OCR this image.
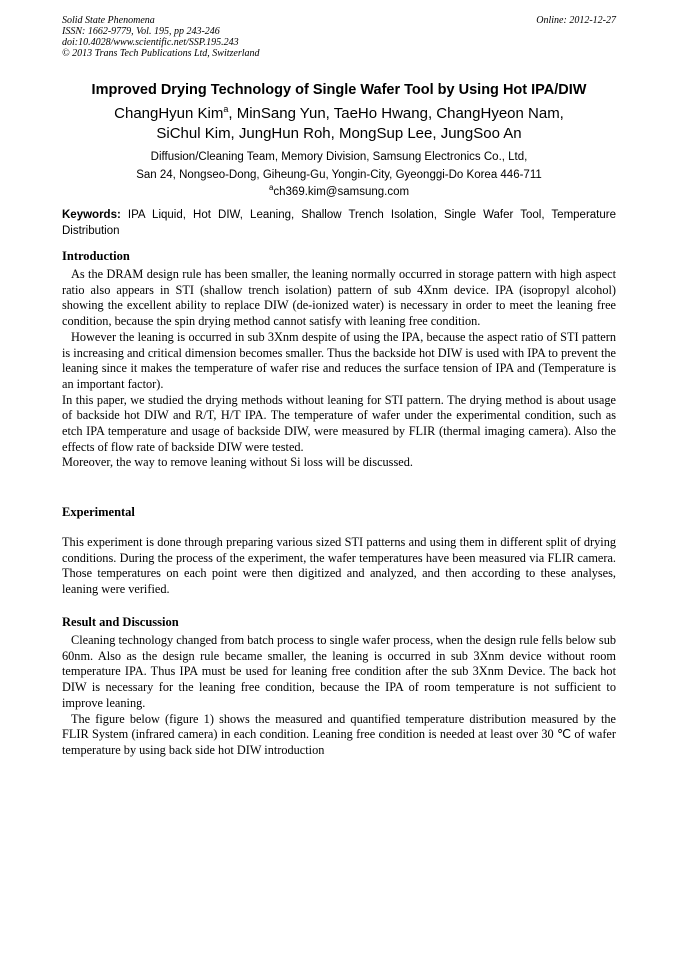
Solid State Phenomena
ISSN: 1662-9779, Vol. 195, pp 243-246
doi:10.4028/www.scientific.net/SSP.195.243
© 2013 Trans Tech Publications Ltd, Switzerland
Online: 2012-12-27
Improved Drying Technology of Single Wafer Tool by Using Hot IPA/DIW
ChangHyun Kim$^a$, MinSang Yun, TaeHo Hwang, ChangHyeon Nam,
SiChul Kim, JungHun Roh, MongSup Lee, JungSoo An
Diffusion/Cleaning Team, Memory Division, Samsung Electronics Co., Ltd,
San 24, Nongseo-Dong, Giheung-Gu, Yongin-City, Gyeonggi-Do Korea 446-711
$^a$ch369.kim@samsung.com
Keywords: IPA Liquid, Hot DIW, Leaning, Shallow Trench Isolation, Single Wafer Tool, Temperature Distribution
Introduction

As the DRAM design rule has been smaller, the leaning normally occurred in storage pattern with high aspect ratio also appears in STI (shallow trench isolation) pattern of sub 4Xnm device. IPA (isopropyl alcohol) showing the excellent ability to replace DIW (de-ionized water) is necessary in order to meet the leaning free condition, because the spin drying method cannot satisfy with leaning free condition.

However the leaning is occurred in sub 3Xnm despite of using the IPA, because the aspect ratio of STI pattern is increasing and critical dimension becomes smaller. Thus the backside hot DIW is used with IPA to prevent the leaning since it makes the temperature of wafer rise and reduces the surface tension of IPA and (Temperature is an important factor).

In this paper, we studied the drying methods without leaning for STI pattern. The drying method is about usage of backside hot DIW and R/T, H/T IPA. The temperature of wafer under the experimental condition, such as etch IPA temperature and usage of backside DIW, were measured by FLIR (thermal imaging camera). Also the effects of flow rate of backside DIW were tested.

Moreover, the way to remove leaning without Si loss will be discussed.

Experimental

This experiment is done through preparing various sized STI patterns and using them in different split of drying conditions. During the process of the experiment, the wafer temperatures have been measured via FLIR camera. Those temperatures on each point were then digitized and analyzed, and then according to these analyses, leaning were verified.

Result and Discussion

Cleaning technology changed from batch process to single wafer process, when the design rule fells below sub 60nm. Also as the design rule became smaller, the leaning is occurred in sub 3Xnm device without room temperature IPA. Thus IPA must be used for leaning free condition after the sub 3Xnm Device. The back hot DIW is necessary for the leaning free condition, because the IPA of room temperature is not sufficient to improve leaning.

The figure below (figure 1) shows the measured and quantified temperature distribution measured by the FLIR System (infrared camera) in each condition. Leaning free condition is needed at least over 30 ℃ of wafer temperature by using back side hot DIW introduction
